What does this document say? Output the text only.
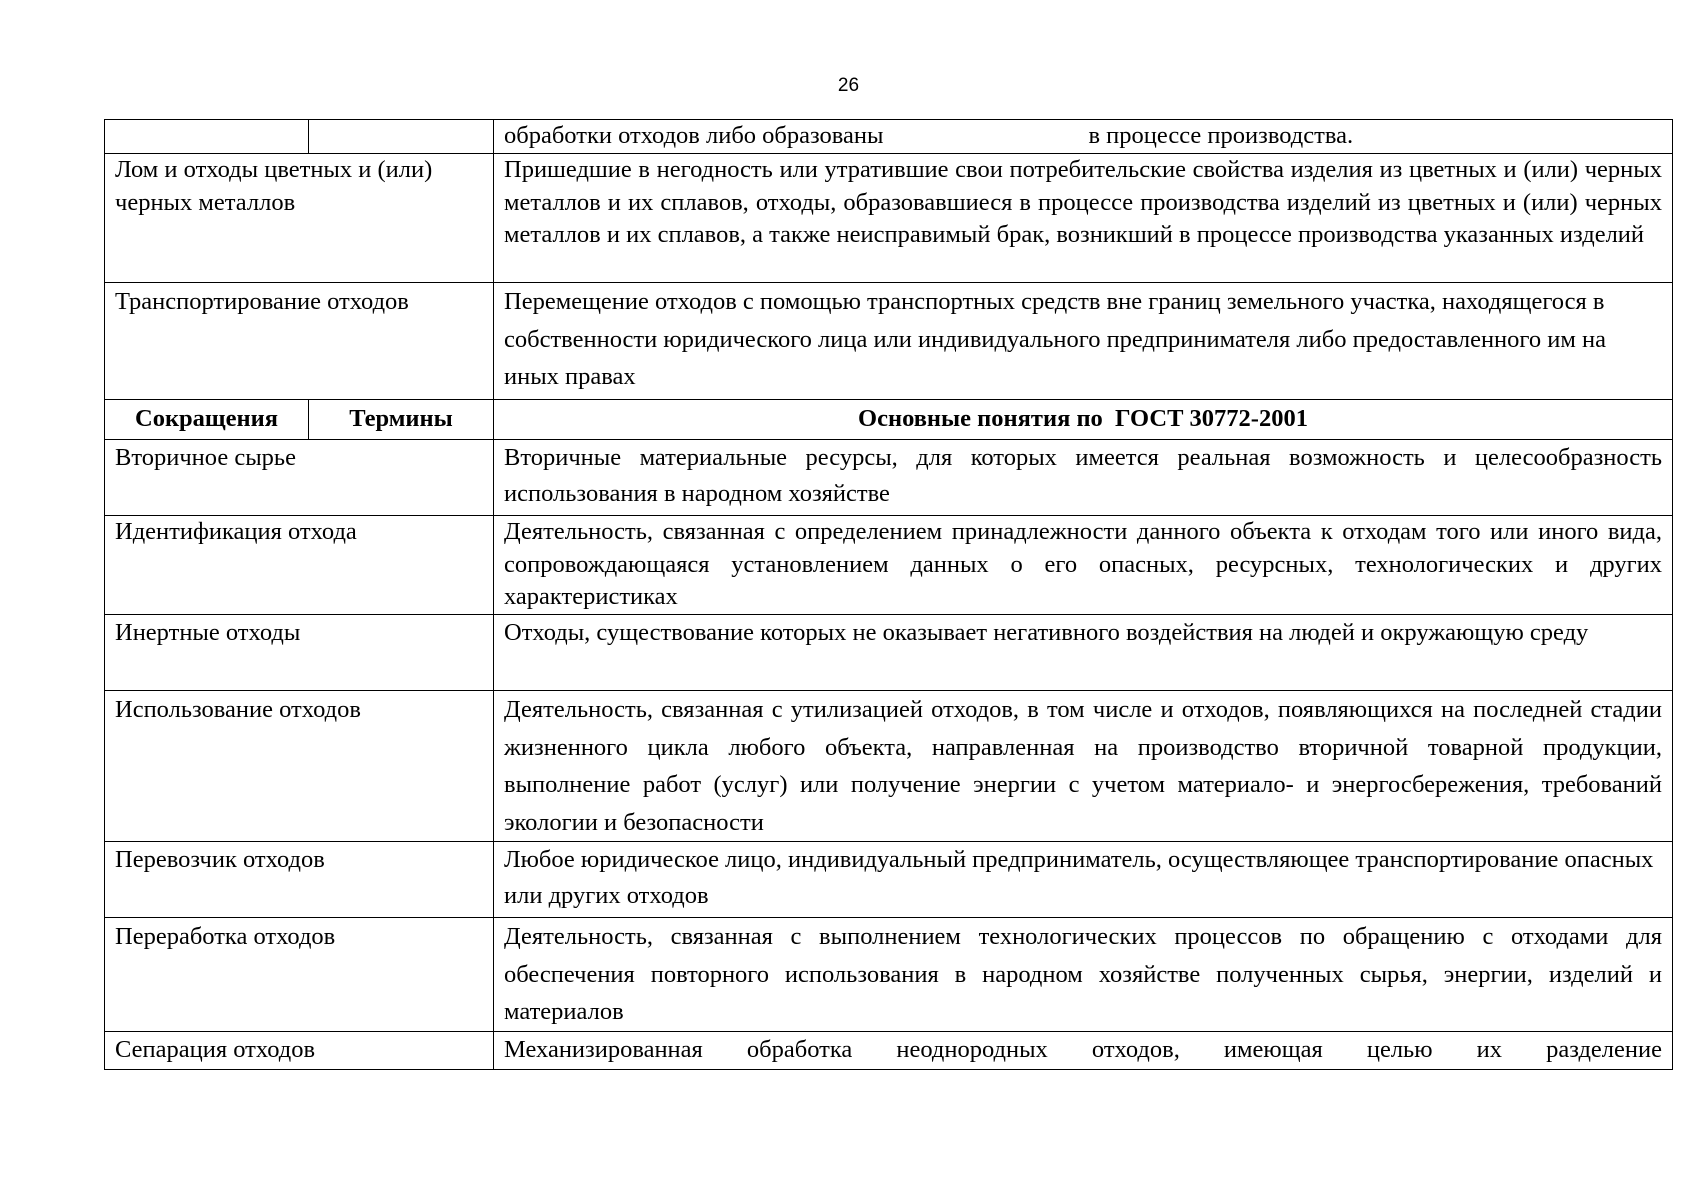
26

		обработки отходов либо образованы в процессе производства.

Лом и отходы цветных и (или) черных металлов		Пришедшие в негодность или утратившие свои потребительские свойства изделия из цветных и (или) черных металлов и их сплавов, отходы, образовавшиеся в процессе производства изделий из цветных и (или) черных металлов и их сплавов, а также неисправимый брак, возникший в процессе производства указанных изделий

Транспортирование отходов		Перемещение отходов с помощью транспортных средств вне границ земельного участка, находящегося в собственности юридического лица или индивидуального предпринимателя либо предоставленного им на иных правах

Сокращения	Термины	Основные понятия по  ГОСТ 30772-2001

Вторичное сырье		Вторичные материальные ресурсы, для которых имеется реальная возможность и целесообразность использования в народном хозяйстве

Идентификация отхода		Деятельность, связанная с определением принадлежности данного объекта к отходам того или иного вида, сопровождающаяся установлением данных о его опасных, ресурсных, технологических и других характеристиках

Инертные отходы		Отходы, существование которых не оказывает негативного воздействия на людей и окружающую среду

Использование отходов		Деятельность, связанная с утилизацией отходов, в том числе и отходов, появляющихся на последней стадии жизненного цикла любого объекта, направленная на производство вторичной товарной продукции, выполнение работ (услуг) или получение энергии с учетом материало- и энергосбережения, требований экологии и безопасности

Перевозчик отходов		Любое юридическое лицо, индивидуальный предприниматель, осуществляющее транспортирование опасных или других отходов

Переработка отходов		Деятельность, связанная с выполнением технологических процессов по обращению с отходами для обеспечения повторного использования в народном хозяйстве полученных сырья, энергии, изделий и материалов

Сепарация отходов		Механизированная обработка неоднородных отходов, имеющая целью их разделение
